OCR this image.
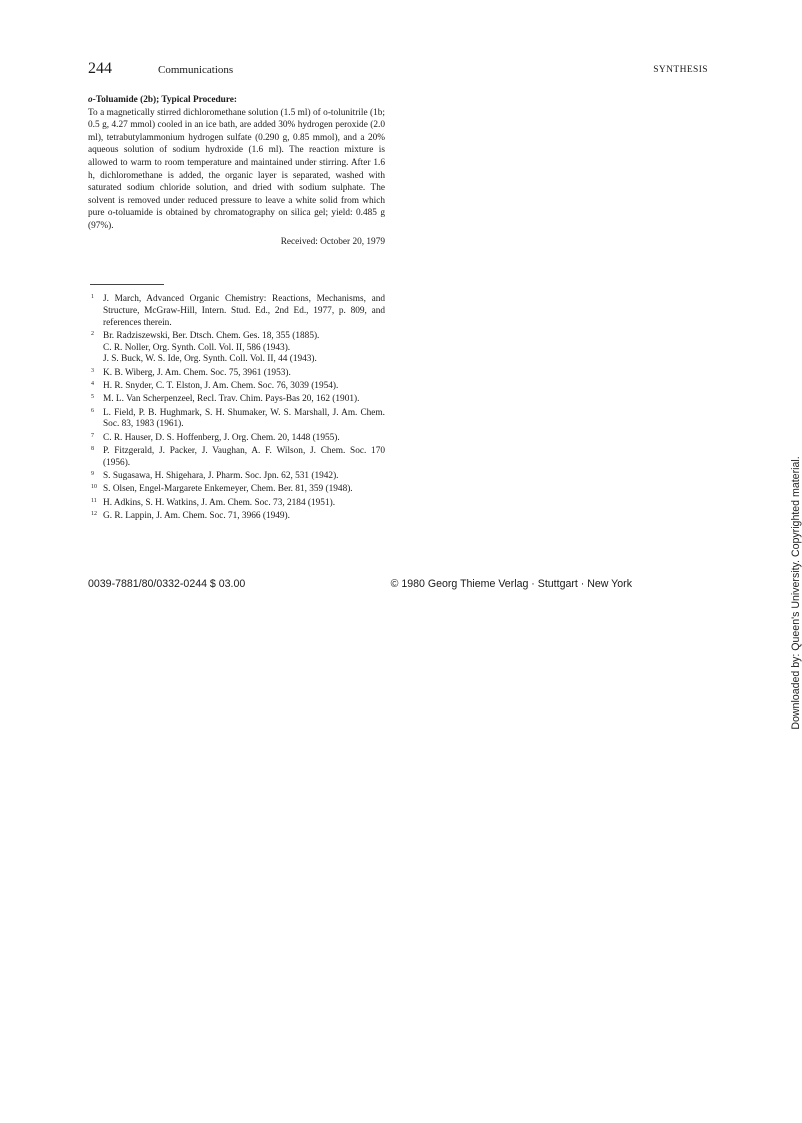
244	Communications	SYNTHESIS

o-Toluamide (2b); Typical Procedure:

To a magnetically stirred dichloromethane solution (1.5 ml) of o-tolunitrile (1b; 0.5 g, 4.27 mmol) cooled in an ice bath, are added 30% hydrogen peroxide (2.0 ml), tetrabutylammonium hydrogen sulfate (0.290 g, 0.85 mmol), and a 20% aqueous solution of sodium hydroxide (1.6 ml). The reaction mixture is allowed to warm to room temperature and maintained under stirring. After 1.6 h, dichloromethane is added, the organic layer is separated, washed with saturated sodium chloride solution, and dried with sodium sulphate. The solvent is removed under reduced pressure to leave a white solid from which pure o-toluamide is obtained by chromatography on silica gel; yield: 0.485 g (97%).

Received: October 20, 1979

1 J. March, Advanced Organic Chemistry: Reactions, Mechanisms, and Structure, McGraw-Hill, Intern. Stud. Ed., 2nd Ed., 1977, p. 809, and references therein.
2 Br. Radziszewski, Ber. Dtsch. Chem. Ges. 18, 355 (1885).
C. R. Noller, Org. Synth. Coll. Vol. II, 586 (1943).
J. S. Buck, W. S. Ide, Org. Synth. Coll. Vol. II, 44 (1943).
3 K. B. Wiberg, J. Am. Chem. Soc. 75, 3961 (1953).
4 H. R. Snyder, C. T. Elston, J. Am. Chem. Soc. 76, 3039 (1954).
5 M. L. Van Scherpenzeel, Recl. Trav. Chim. Pays-Bas 20, 162 (1901).
6 L. Field, P. B. Hughmark, S. H. Shumaker, W. S. Marshall, J. Am. Chem. Soc. 83, 1983 (1961).
7 C. R. Hauser, D. S. Hoffenberg, J. Org. Chem. 20, 1448 (1955).
8 P. Fitzgerald, J. Packer, J. Vaughan, A. F. Wilson, J. Chem. Soc. 170 (1956).
9 S. Sugasawa, H. Shigehara, J. Pharm. Soc. Jpn. 62, 531 (1942).
10 S. Olsen, Engel-Margarete Enkemeyer, Chem. Ber. 81, 359 (1948).
11 H. Adkins, S. H. Watkins, J. Am. Chem. Soc. 73, 2184 (1951).
12 G. R. Lappin, J. Am. Chem. Soc. 71, 3966 (1949).
0039-7881/80/0332-0244 $ 03.00	© 1980 Georg Thieme Verlag · Stuttgart · New York	Downloaded by: Queen's University. Copyrighted material.
